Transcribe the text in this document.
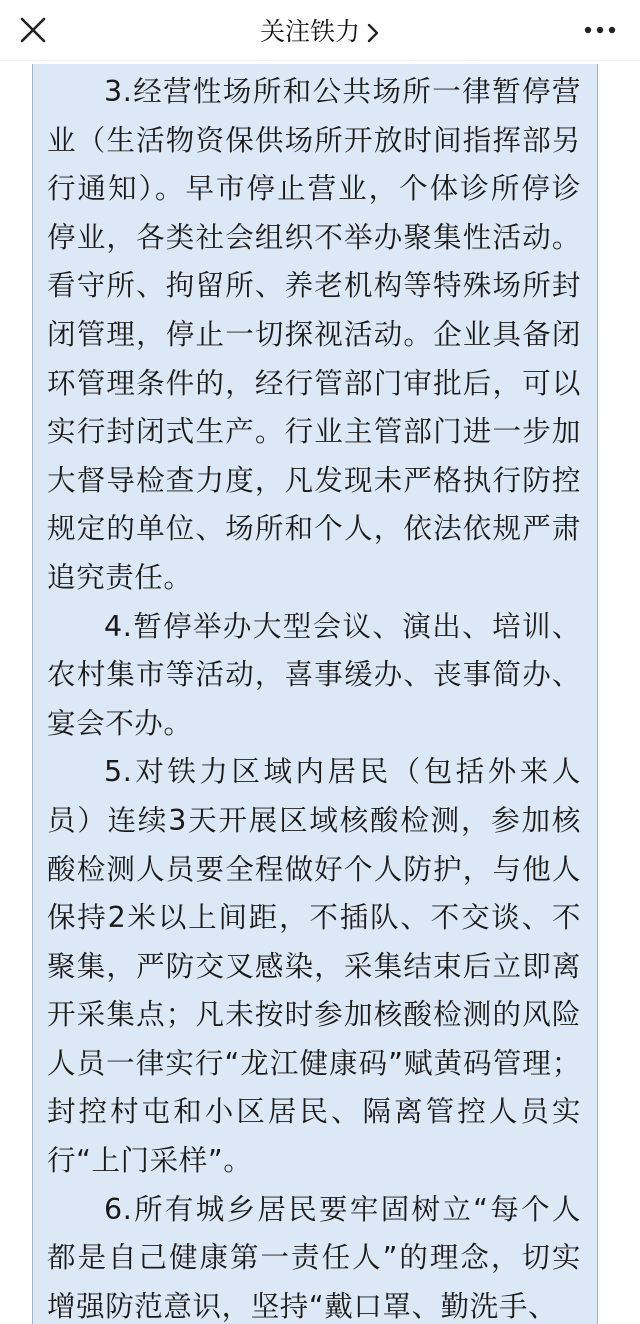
关注铁力

3.经营性场所和公共场所一律暂停营业（生活物资保供场所开放时间指挥部另行通知）。早市停止营业，个体诊所停诊停业，各类社会组织不举办聚集性活动。看守所、拘留所、养老机构等特殊场所封闭管理，停止一切探视活动。企业具备闭环管理条件的，经行管部门审批后，可以实行封闭式生产。行业主管部门进一步加大督导检查力度，凡发现未严格执行防控规定的单位、场所和个人，依法依规严肃追究责任。

4.暂停举办大型会议、演出、培训、农村集市等活动，喜事缓办、丧事简办、宴会不办。

5.对铁力区域内居民（包括外来人员）连续3天开展区域核酸检测，参加核酸检测人员要全程做好个人防护，与他人保持2米以上间距，不插队、不交谈、不聚集，严防交叉感染，采集结束后立即离开采集点；凡未按时参加核酸检测的风险人员一律实行“龙江健康码”赋黄码管理；封控村屯和小区居民、隔离管控人员实行“上门采样”。

6.所有城乡居民要牢固树立“每个人都是自己健康第一责任人”的理念，切实增强防范意识，坚持“戴口罩、勤洗手、
